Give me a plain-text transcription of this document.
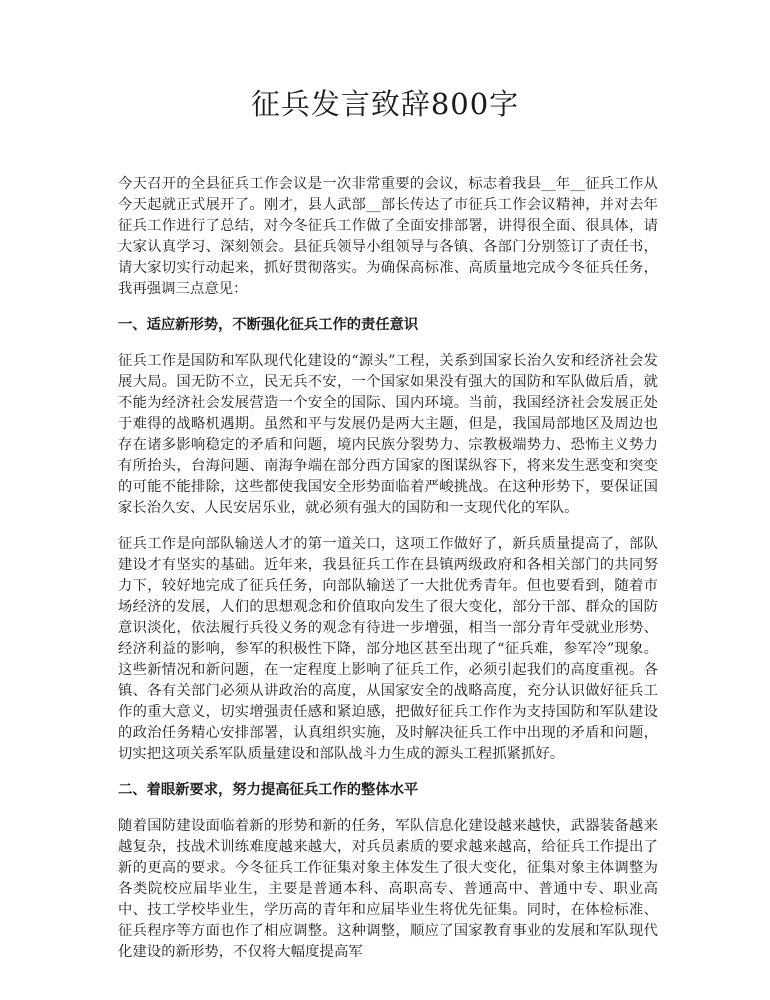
征兵发言致辞800字

今天召开的全县征兵工作会议是一次非常重要的会议，标志着我县__年__征兵工作从今天起就正式展开了。刚才，县人武部__部长传达了市征兵工作会议精神，并对去年征兵工作进行了总结，对今冬征兵工作做了全面安排部署，讲得很全面、很具体，请大家认真学习、深刻领会。县征兵领导小组领导与各镇、各部门分别签订了责任书，请大家切实行动起来，抓好贯彻落实。为确保高标准、高质量地完成今冬征兵任务，我再强调三点意见：

一、适应新形势，不断强化征兵工作的责任意识

征兵工作是国防和军队现代化建设的“源头”工程，关系到国家长治久安和经济社会发展大局。国无防不立，民无兵不安，一个国家如果没有强大的国防和军队做后盾，就不能为经济社会发展营造一个安全的国际、国内环境。当前，我国经济社会发展正处于难得的战略机遇期。虽然和平与发展仍是两大主题，但是，我国局部地区及周边也存在诸多影响稳定的矛盾和问题，境内民族分裂势力、宗教极端势力、恐怖主义势力有所抬头，台海问题、南海争端在部分西方国家的图谋纵容下，将来发生恶变和突变的可能不能排除，这些都使我国安全形势面临着严峻挑战。在这种形势下，要保证国家长治久安、人民安居乐业，就必须有强大的国防和一支现代化的军队。

征兵工作是向部队输送人才的第一道关口，这项工作做好了，新兵质量提高了，部队建设才有坚实的基础。近年来，我县征兵工作在县镇两级政府和各相关部门的共同努力下，较好地完成了征兵任务，向部队输送了一大批优秀青年。但也要看到，随着市场经济的发展，人们的思想观念和价值取向发生了很大变化，部分干部、群众的国防意识淡化，依法履行兵役义务的观念有待进一步增强，相当一部分青年受就业形势、经济利益的影响，参军的积极性下降，部分地区甚至出现了“征兵难，参军冷”现象。这些新情况和新问题，在一定程度上影响了征兵工作，必须引起我们的高度重视。各镇、各有关部门必须从讲政治的高度，从国家安全的战略高度，充分认识做好征兵工作的重大意义，切实增强责任感和紧迫感，把做好征兵工作作为支持国防和军队建设的政治任务精心安排部署，认真组织实施，及时解决征兵工作中出现的矛盾和问题，切实把这项关系军队质量建设和部队战斗力生成的源头工程抓紧抓好。

二、着眼新要求，努力提高征兵工作的整体水平

随着国防建设面临着新的形势和新的任务，军队信息化建设越来越快，武器装备越来越复杂，技战术训练难度越来越大，对兵员素质的要求越来越高，给征兵工作提出了新的更高的要求。今冬征兵工作征集对象主体发生了很大变化，征集对象主体调整为各类院校应届毕业生，主要是普通本科、高职高专、普通高中、普通中专、职业高中、技工学校毕业生，学历高的青年和应届毕业生将优先征集。同时，在体检标准、征兵程序等方面也作了相应调整。这种调整，顺应了国家教育事业的发展和军队现代化建设的新形势，不仅将大幅度提高军
